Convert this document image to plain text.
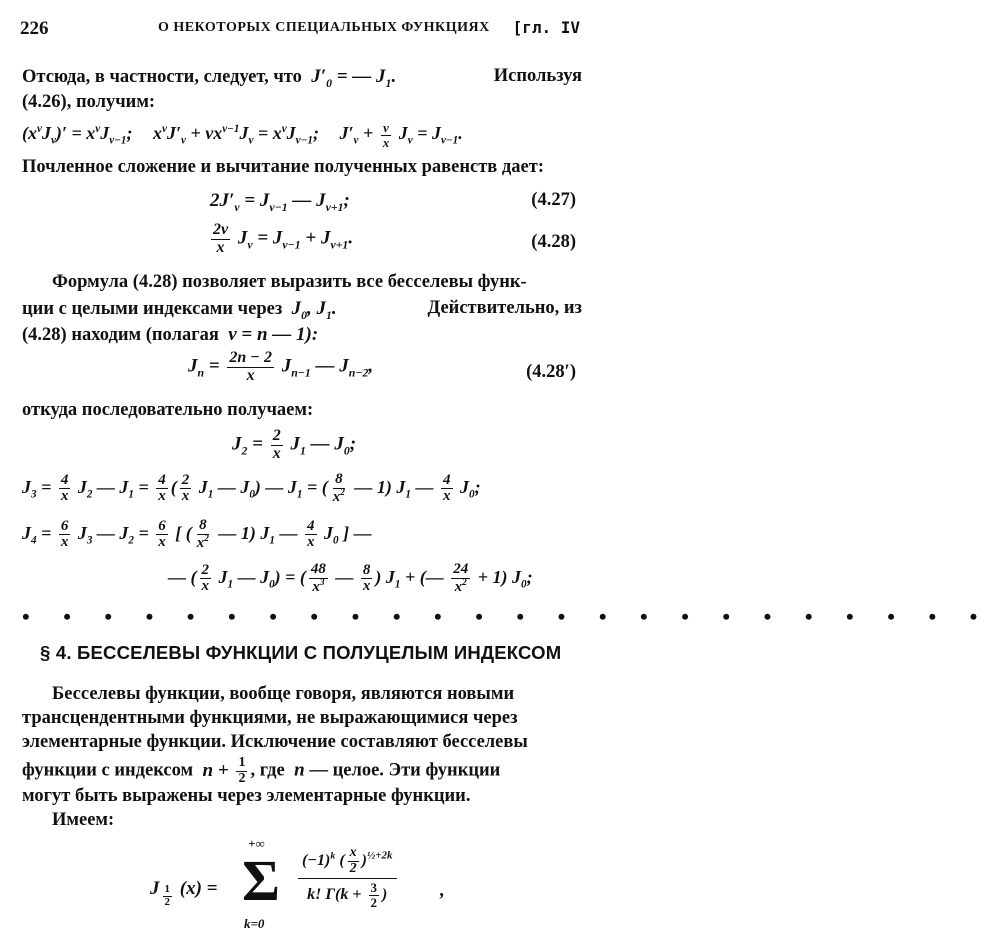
226	О НЕКОТОРЫХ СПЕЦИАЛЬНЫХ ФУНКЦИЯХ [гл. IV
Отсюда, в частности, следует, что  $J'_0$ = — $J_1$.	Используя
(4.26), получим:
$(x^\nu J_\nu)' = x^\nu J_{\nu-1}$; $x^\nu J'_\nu + \nu x^{\nu-1}J_\nu = x^\nu J_{\nu-1}$; $J'_\nu + \frac{\nu}{x} J_\nu = J_{\nu-1}$.
Почленное сложение и вычитание полученных равенств дает:
$2J'_\nu = J_{\nu-1}$ — $J_{\nu+1}$;	(4.27)
$\frac{2\nu}{x} J_\nu = J_{\nu-1} + J_{\nu+1}$.	(4.28)
Формула (4.28) позволяет выразить все бесселевы функ-
ции с целыми индексами через  $J_0$, $J_1$.	Действительно, из
(4.28) находим (полагая  ν = n — 1):
$J_n = \frac{2n - 2}{x} J_{n-1}$ — $J_{n-2}$,	(4.28′)
откуда последовательно получаем:
$J_2 = \frac{2}{x} J_1$ — $J_0$;
$J_3 = \frac{4}{x} J_2$ — $J_1 = \frac{4}{x}$ ( $\frac{2}{x} J_1$ — $J_0$) — $J_1$ = ( $\frac{8}{x^2}$ — 1) $J_1$ — $\frac{4}{x} J_0$;
$J_4 = \frac{6}{x} J_3$ — $J_2 = \frac{6}{x}$ [ ( $\frac{8}{x^2}$ — 1) $J_1$ — $\frac{4}{x} J_0$ ] —
— ( $\frac{2}{x} J_1$ — $J_0$) = ( $\frac{48}{x^3}$ — $\frac{8}{x}$ ) $J_1$ + (— $\frac{24}{x^2} + 1$) $J_0$;
• • • • • • • • • • • • • • • • • • • • • • • •
§ 4. БЕССЕЛЕВЫ ФУНКЦИИ С ПОЛУЦЕЛЫМ ИНДЕКСОМ
Бесселевы функции, вообще говоря, являются новыми
трансцендентными функциями, не выражающимися через
элементарные функции. Исключение составляют бесселевы
функции с индексом  $n + \frac{1}{2}$ , где  n — целое. Эти функции
могут быть выражены через элементарные функции.
Имеем:
J $_{\frac{1}{2}}$ (x) =
+∞
Σ
k=0
$(-1)^k$ ( $\frac{x}{2} )^{\frac{1}{2}+2k}$
k! $\Gamma(k + \frac{3}{2}$ )	,
